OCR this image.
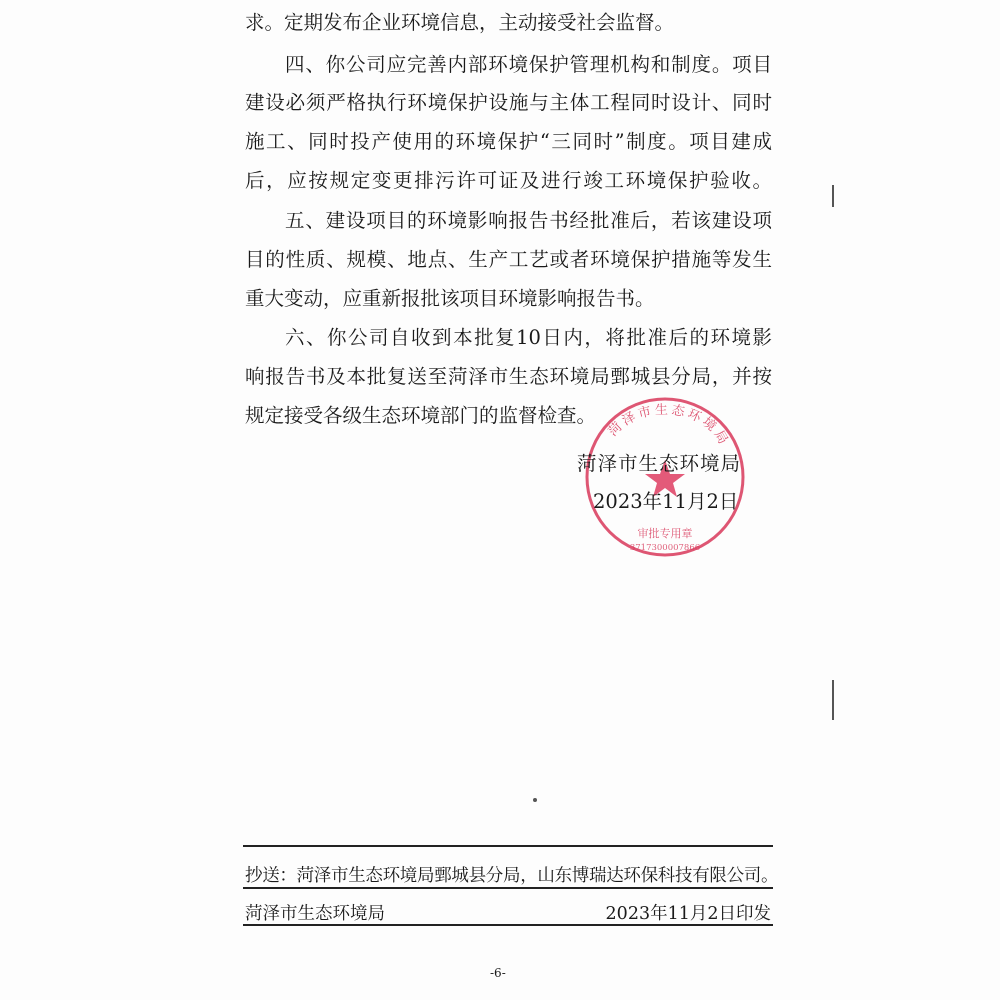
求。定期发布企业环境信息，主动接受社会监督。
四、你公司应完善内部环境保护管理机构和制度。项目
建设必须严格执行环境保护设施与主体工程同时设计、同时
施工、同时投产使用的环境保护“三同时”制度。项目建成
后，应按规定变更排污许可证及进行竣工环境保护验收。
五、建设项目的环境影响报告书经批准后，若该建设项
目的性质、规模、地点、生产工艺或者环境保护措施等发生
重大变动，应重新报批该项目环境影响报告书。
六、你公司自收到本批复10日内，将批准后的环境影
响报告书及本批复送至菏泽市生态环境局鄄城县分局，并按
规定接受各级生态环境部门的监督检查。
菏泽市生态环境局
审批专用章
3717300007866
菏泽市生态环境局
2023年11月2日
抄送：菏泽市生态环境局鄄城县分局，山东博瑞达环保科技有限公司。
菏泽市生态环境局	2023年11月2日印发
-6-
